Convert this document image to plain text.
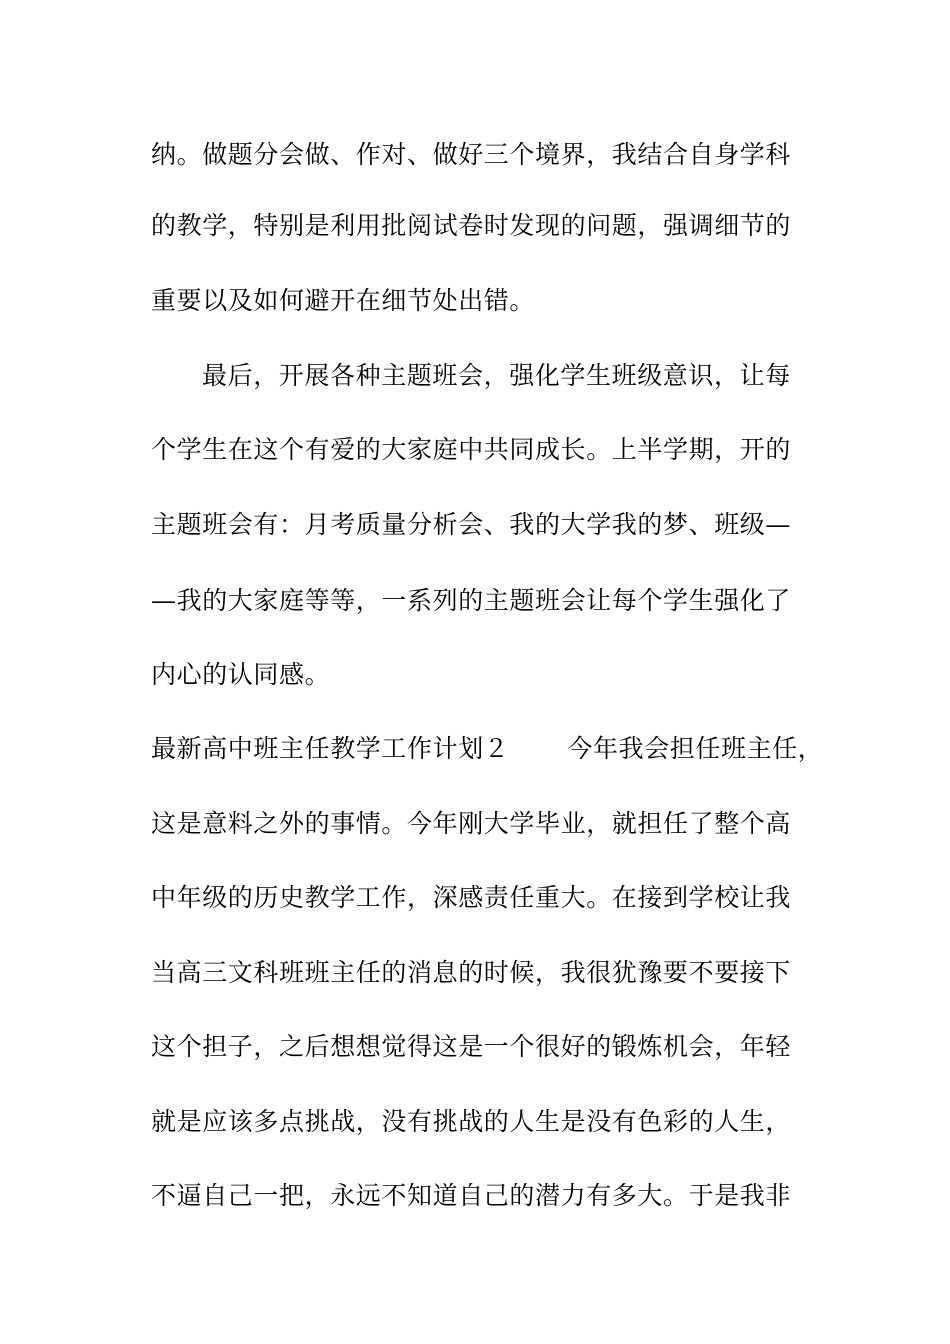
纳。做题分会做、作对、做好三个境界，我结合自身学科
的教学，特别是利用批阅试卷时发现的问题，强调细节的
重要以及如何避开在细节处出错。
最后，开展各种主题班会，强化学生班级意识，让每
个学生在这个有爱的大家庭中共同成长。上半学期，开的
主题班会有：月考质量分析会、我的大学我的梦、班级—
—我的大家庭等等，一系列的主题班会让每个学生强化了
内心的认同感。
最新高中班主任教学工作计划２ 今年我会担任班主任，
这是意料之外的事情。今年刚大学毕业，就担任了整个高
中年级的历史教学工作，深感责任重大。在接到学校让我
当高三文科班班主任的消息的时候，我很犹豫要不要接下
这个担子，之后想想觉得这是一个很好的锻炼机会，年轻
就是应该多点挑战，没有挑战的人生是没有色彩的人生，
不逼自己一把，永远不知道自己的潜力有多大。于是我非
